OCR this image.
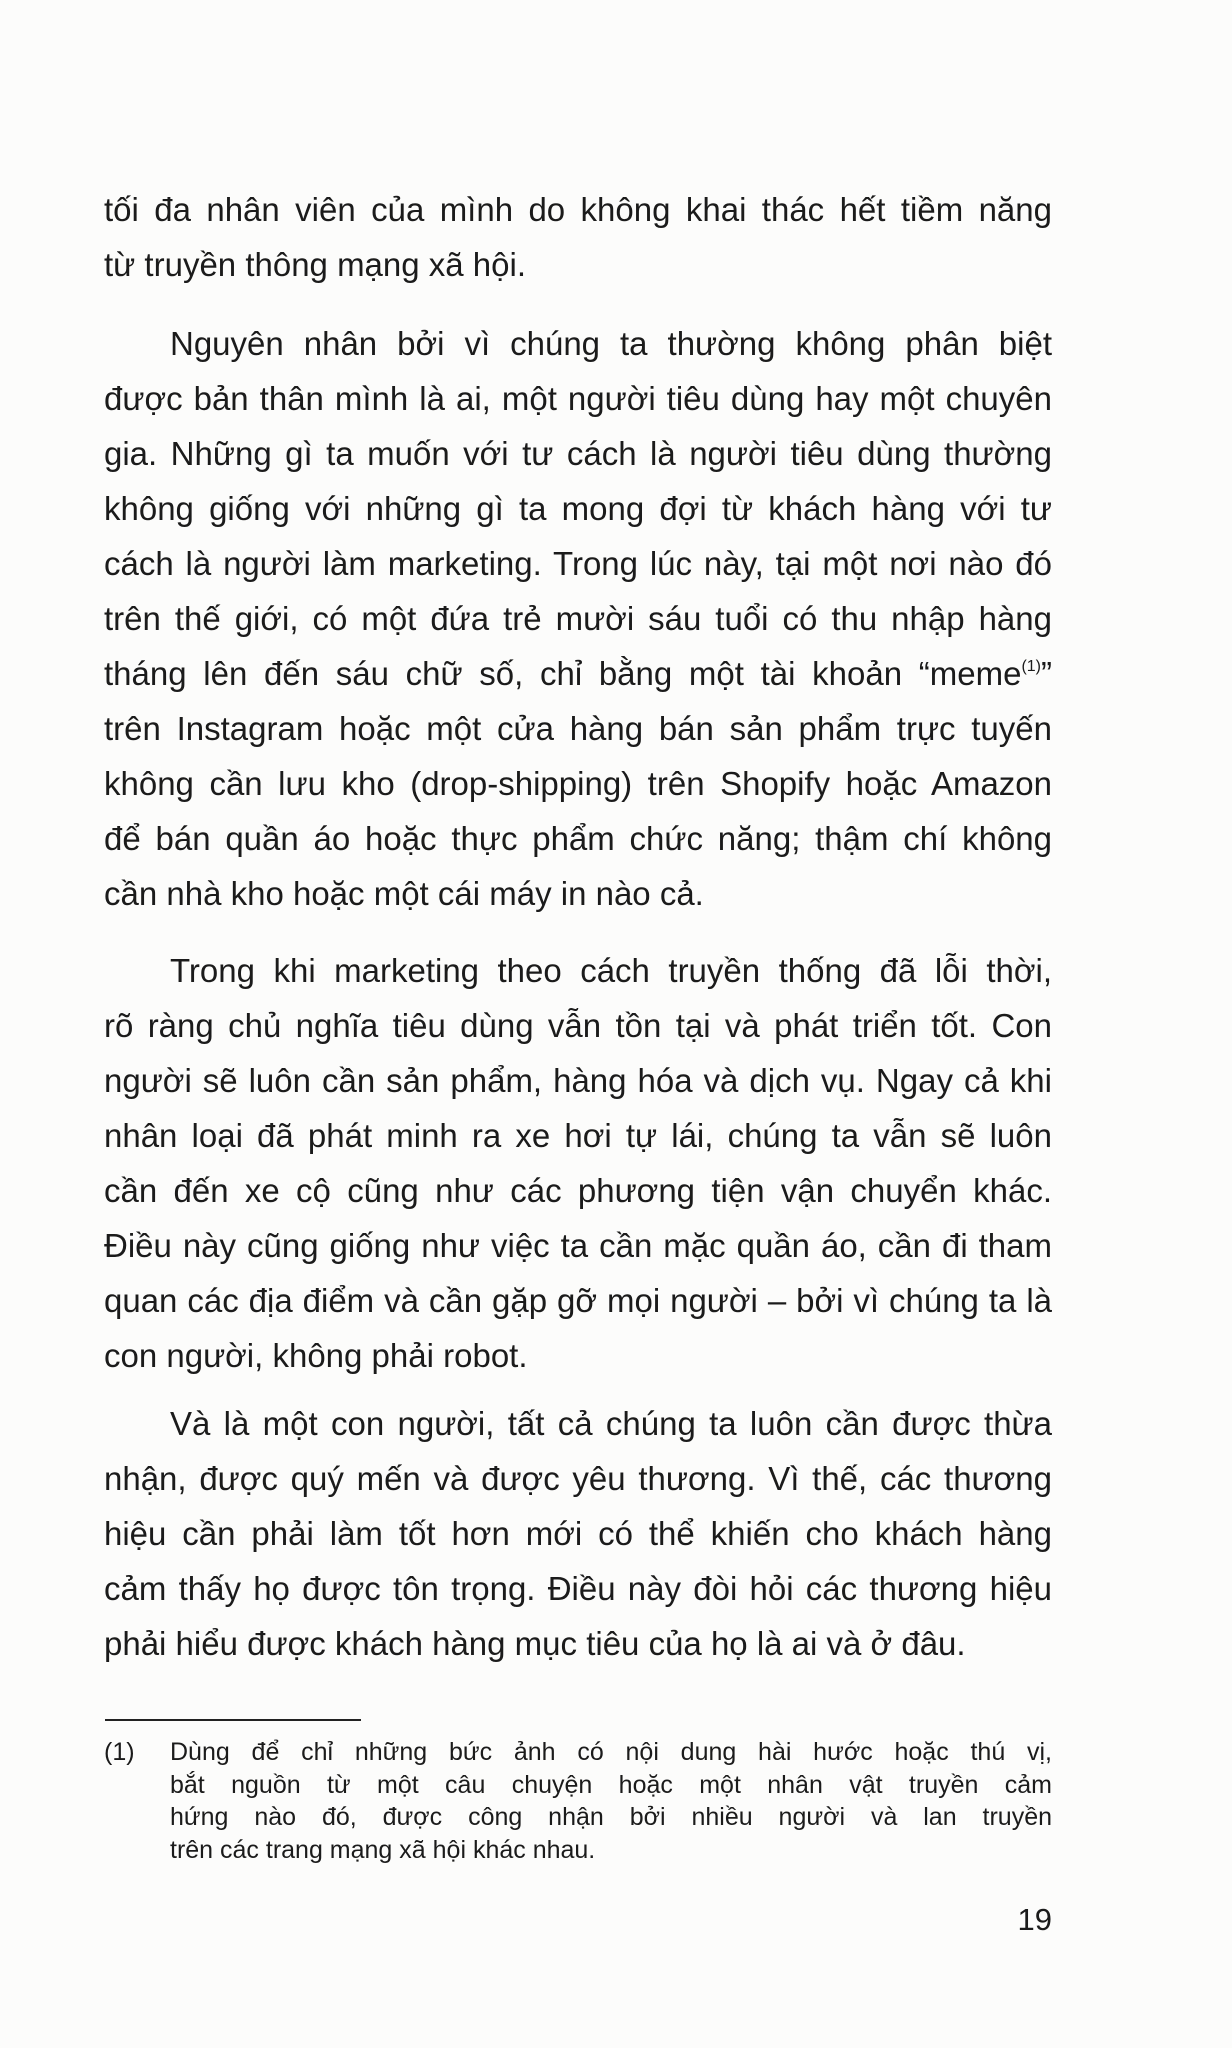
tối đa nhân viên của mình do không khai thác hết tiềm năng
từ truyền thông mạng xã hội.
Nguyên nhân bởi vì chúng ta thường không phân biệt
được bản thân mình là ai, một người tiêu dùng hay một chuyên
gia. Những gì ta muốn với tư cách là người tiêu dùng thường
không giống với những gì ta mong đợi từ khách hàng với tư
cách là người làm marketing. Trong lúc này, tại một nơi nào đó
trên thế giới, có một đứa trẻ mười sáu tuổi có thu nhập hàng
tháng lên đến sáu chữ số, chỉ bằng một tài khoản “meme$^{(1)}$”
trên Instagram hoặc một cửa hàng bán sản phẩm trực tuyến
không cần lưu kho (drop-shipping) trên Shopify hoặc Amazon
để bán quần áo hoặc thực phẩm chức năng; thậm chí không
cần nhà kho hoặc một cái máy in nào cả.
Trong khi marketing theo cách truyền thống đã lỗi thời,
rõ ràng chủ nghĩa tiêu dùng vẫn tồn tại và phát triển tốt. Con
người sẽ luôn cần sản phẩm, hàng hóa và dịch vụ. Ngay cả khi
nhân loại đã phát minh ra xe hơi tự lái, chúng ta vẫn sẽ luôn
cần đến xe cộ cũng như các phương tiện vận chuyển khác.
Điều này cũng giống như việc ta cần mặc quần áo, cần đi tham
quan các địa điểm và cần gặp gỡ mọi người – bởi vì chúng ta là
con người, không phải robot.
Và là một con người, tất cả chúng ta luôn cần được thừa
nhận, được quý mến và được yêu thương. Vì thế, các thương
hiệu cần phải làm tốt hơn mới có thể khiến cho khách hàng
cảm thấy họ được tôn trọng. Điều này đòi hỏi các thương hiệu
phải hiểu được khách hàng mục tiêu của họ là ai và ở đâu.
(1) Dùng để chỉ những bức ảnh có nội dung hài hước hoặc thú vị,
bắt nguồn từ một câu chuyện hoặc một nhân vật truyền cảm
hứng nào đó, được công nhận bởi nhiều người và lan truyền
trên các trang mạng xã hội khác nhau.
19
